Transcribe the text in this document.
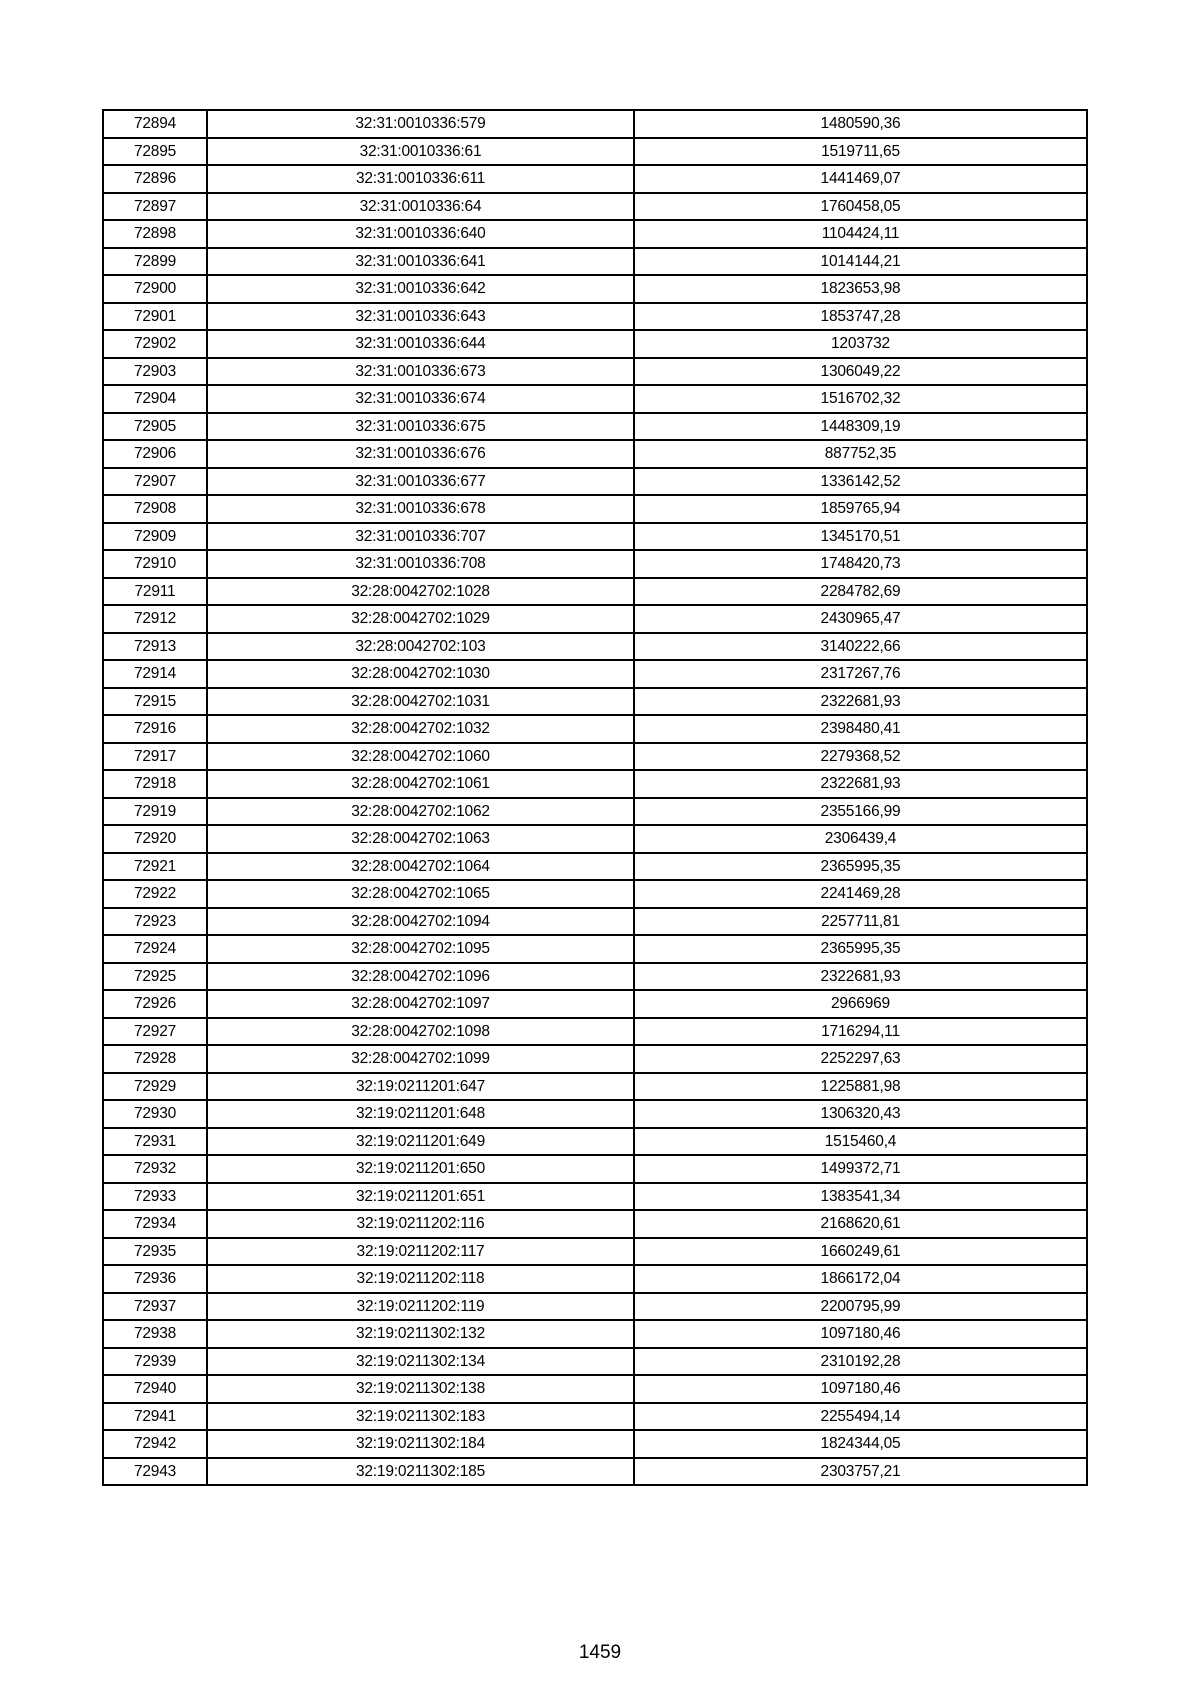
72894	32:31:0010336:579	1480590,36
72895	32:31:0010336:61	1519711,65
72896	32:31:0010336:611	1441469,07
72897	32:31:0010336:64	1760458,05
72898	32:31:0010336:640	1104424,11
72899	32:31:0010336:641	1014144,21
72900	32:31:0010336:642	1823653,98
72901	32:31:0010336:643	1853747,28
72902	32:31:0010336:644	1203732
72903	32:31:0010336:673	1306049,22
72904	32:31:0010336:674	1516702,32
72905	32:31:0010336:675	1448309,19
72906	32:31:0010336:676	887752,35
72907	32:31:0010336:677	1336142,52
72908	32:31:0010336:678	1859765,94
72909	32:31:0010336:707	1345170,51
72910	32:31:0010336:708	1748420,73
72911	32:28:0042702:1028	2284782,69
72912	32:28:0042702:1029	2430965,47
72913	32:28:0042702:103	3140222,66
72914	32:28:0042702:1030	2317267,76
72915	32:28:0042702:1031	2322681,93
72916	32:28:0042702:1032	2398480,41
72917	32:28:0042702:1060	2279368,52
72918	32:28:0042702:1061	2322681,93
72919	32:28:0042702:1062	2355166,99
72920	32:28:0042702:1063	2306439,4
72921	32:28:0042702:1064	2365995,35
72922	32:28:0042702:1065	2241469,28
72923	32:28:0042702:1094	2257711,81
72924	32:28:0042702:1095	2365995,35
72925	32:28:0042702:1096	2322681,93
72926	32:28:0042702:1097	2966969
72927	32:28:0042702:1098	1716294,11
72928	32:28:0042702:1099	2252297,63
72929	32:19:0211201:647	1225881,98
72930	32:19:0211201:648	1306320,43
72931	32:19:0211201:649	1515460,4
72932	32:19:0211201:650	1499372,71
72933	32:19:0211201:651	1383541,34
72934	32:19:0211202:116	2168620,61
72935	32:19:0211202:117	1660249,61
72936	32:19:0211202:118	1866172,04
72937	32:19:0211202:119	2200795,99
72938	32:19:0211302:132	1097180,46
72939	32:19:0211302:134	2310192,28
72940	32:19:0211302:138	1097180,46
72941	32:19:0211302:183	2255494,14
72942	32:19:0211302:184	1824344,05
72943	32:19:0211302:185	2303757,21
1459
